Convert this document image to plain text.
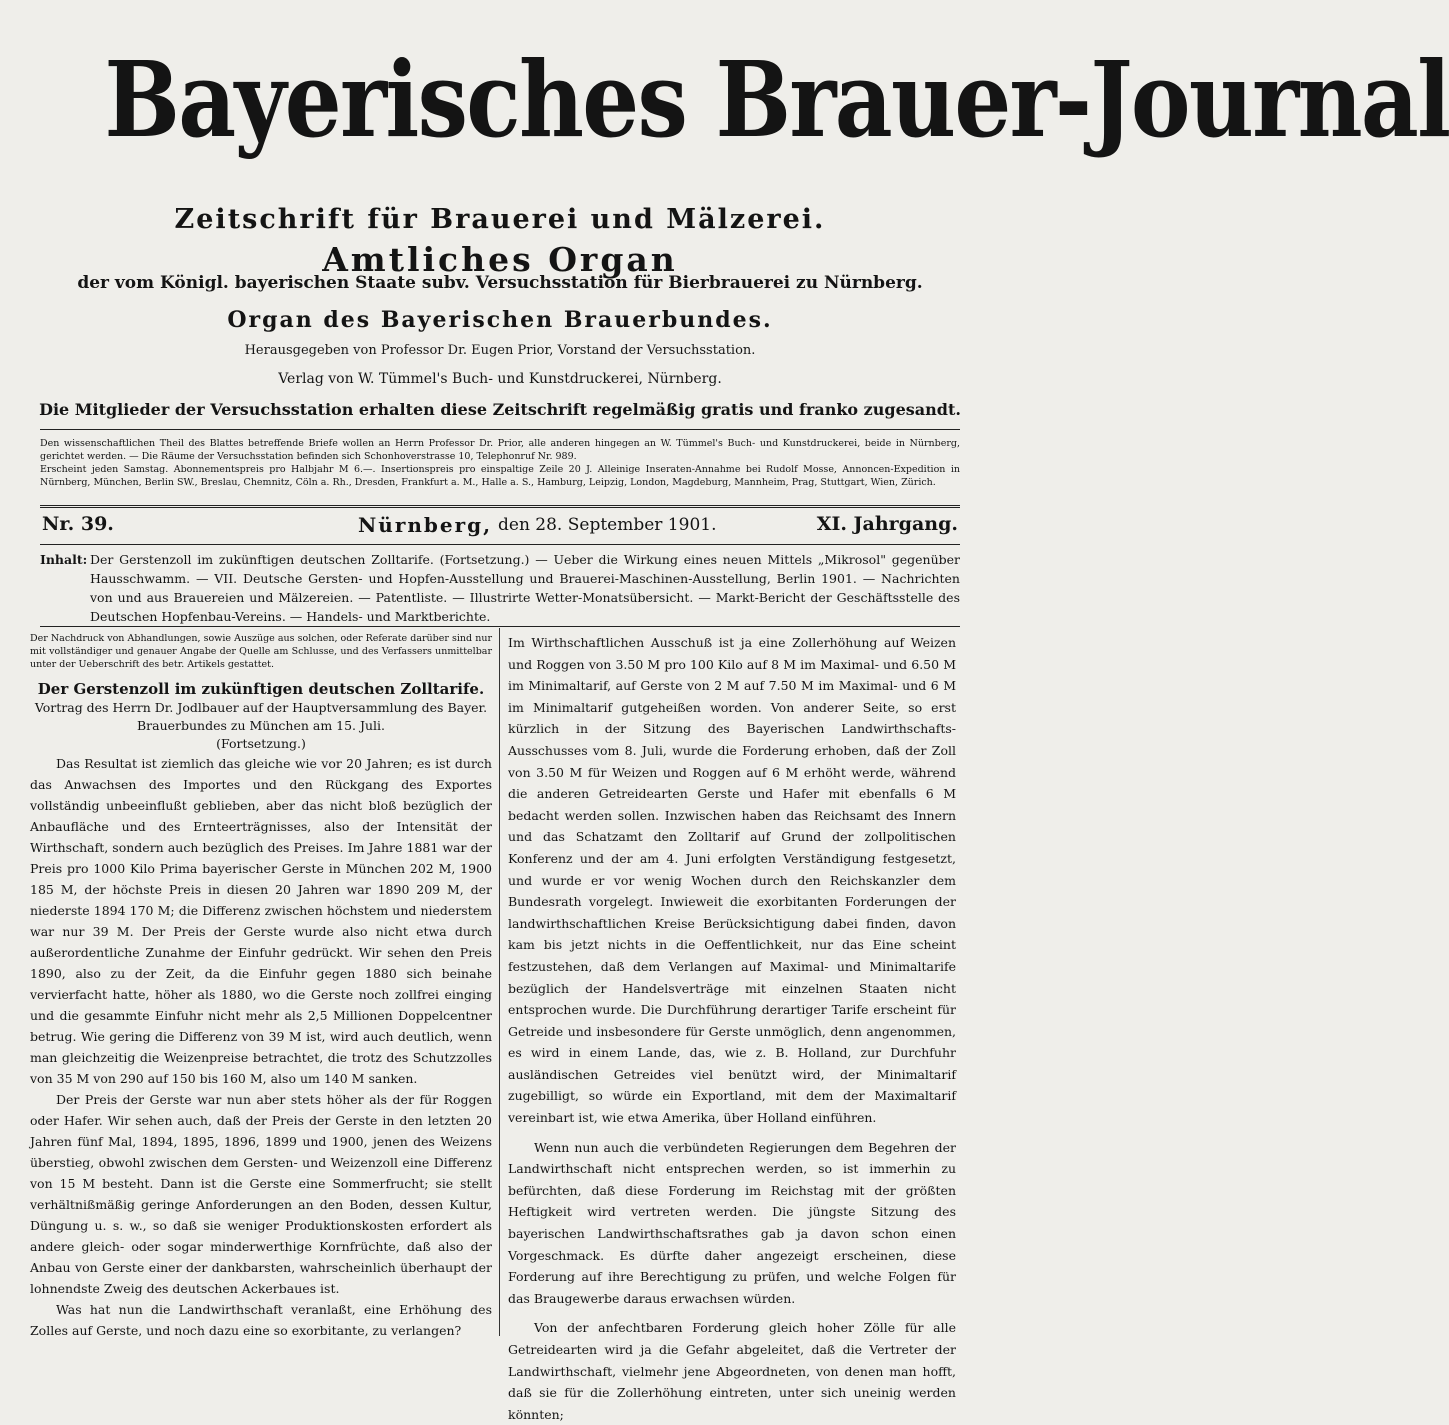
Bayerisches Brauer-Journal
Zeitschrift für Brauerei und Mälzerei.
Amtliches Organ
der vom Königl. bayerischen Staate subv. Versuchsstation für Bierbrauerei zu Nürnberg.
Organ des Bayerischen Brauerbundes.
Herausgegeben von Professor Dr. Eugen Prior, Vorstand der Versuchsstation.
Verlag von W. Tümmel's Buch- und Kunstdruckerei, Nürnberg.
Die Mitglieder der Versuchsstation erhalten diese Zeitschrift regelmäßig gratis und franko zugesandt.

Den wissenschaftlichen Theil des Blattes betreffende Briefe wollen an Herrn Professor Dr. Prior, alle anderen hingegen an W. Tümmel's Buch- und Kunstdruckerei, beide in Nürnberg, gerichtet werden. — Die Räume der Versuchsstation befinden sich Schonhoverstrasse 10, Telephonruf Nr. 989.

Erscheint jeden Samstag. Abonnementspreis pro Halbjahr M 6.—. Insertionspreis pro einspaltige Zeile 20 J. Alleinige Inseraten-Annahme bei Rudolf Mosse, Annoncen-Expedition in Nürnberg, München, Berlin SW., Breslau, Chemnitz, Cöln a. Rh., Dresden, Frankfurt a. M., Halle a. S., Hamburg, Leipzig, London, Magdeburg, Mannheim, Prag, Stuttgart, Wien, Zürich.

Nr. 39.	Nürnberg, den 28. September 1901.	XI. Jahrgang.
Inhalt: Der Gerstenzoll im zukünftigen deutschen Zolltarife. (Fortsetzung.) — Ueber die Wirkung eines neuen Mittels „Mikrosol" gegenüber Hausschwamm. — VII. Deutsche Gersten- und Hopfen-Ausstellung und Brauerei-Maschinen-Ausstellung, Berlin 1901. — Nachrichten von und aus Brauereien und Mälzereien. — Patentliste. — Illustrirte Wetter-Monatsübersicht. — Markt-Bericht der Geschäftsstelle des Deutschen Hopfenbau-Vereins. — Handels- und Marktberichte.

Der Nachdruck von Abhandlungen, sowie Auszüge aus solchen, oder Referate darüber sind nur mit vollständiger und genauer Angabe der Quelle am Schlusse, und des Verfassers unmittelbar unter der Ueberschrift des betr. Artikels gestattet.

Der Gerstenzoll im zukünftigen deutschen Zolltarife.

Vortrag des Herrn Dr. Jodlbauer auf der Hauptversammlung des Bayer. Brauerbundes zu München am 15. Juli.

(Fortsetzung.)

Das Resultat ist ziemlich das gleiche wie vor 20 Jahren; es ist durch das Anwachsen des Importes und den Rückgang des Exportes vollständig unbeeinflußt geblieben, aber das nicht bloß bezüglich der Anbaufläche und des Ernteerträgnisses, also der Intensität der Wirthschaft, sondern auch bezüglich des Preises. Im Jahre 1881 war der Preis pro 1000 Kilo Prima bayerischer Gerste in München 202 M, 1900 185 M, der höchste Preis in diesen 20 Jahren war 1890 209 M, der niederste 1894 170 M; die Differenz zwischen höchstem und niederstem war nur 39 M. Der Preis der Gerste wurde also nicht etwa durch außerordentliche Zunahme der Einfuhr gedrückt. Wir sehen den Preis 1890, also zu der Zeit, da die Einfuhr gegen 1880 sich beinahe vervierfacht hatte, höher als 1880, wo die Gerste noch zollfrei einging und die gesammte Einfuhr nicht mehr als 2,5 Millionen Doppelcentner betrug. Wie gering die Differenz von 39 M ist, wird auch deutlich, wenn man gleichzeitig die Weizenpreise betrachtet, die trotz des Schutzzolles von 35 M von 290 auf 150 bis 160 M, also um 140 M sanken.

Der Preis der Gerste war nun aber stets höher als der für Roggen oder Hafer. Wir sehen auch, daß der Preis der Gerste in den letzten 20 Jahren fünf Mal, 1894, 1895, 1896, 1899 und 1900, jenen des Weizens überstieg, obwohl zwischen dem Gersten- und Weizenzoll eine Differenz von 15 M besteht. Dann ist die Gerste eine Sommerfrucht; sie stellt verhältnißmäßig geringe Anforderungen an den Boden, dessen Kultur, Düngung u. s. w., so daß sie weniger Produktionskosten erfordert als andere gleich- oder sogar minderwerthige Kornfrüchte, daß also der Anbau von Gerste einer der dankbarsten, wahrscheinlich überhaupt der lohnendste Zweig des deutschen Ackerbaues ist.

Was hat nun die Landwirthschaft veranlaßt, eine Erhöhung des Zolles auf Gerste, und noch dazu eine so exorbitante, zu verlangen?

Im Wirthschaftlichen Ausschuß ist ja eine Zollerhöhung auf Weizen und Roggen von 3.50 M pro 100 Kilo auf 8 M im Maximal- und 6.50 M im Minimaltarif, auf Gerste von 2 M auf 7.50 M im Maximal- und 6 M im Minimaltarif gutgeheißen worden. Von anderer Seite, so erst kürzlich in der Sitzung des Bayerischen Landwirthschafts-Ausschusses vom 8. Juli, wurde die Forderung erhoben, daß der Zoll von 3.50 M für Weizen und Roggen auf 6 M erhöht werde, während die anderen Getreidearten Gerste und Hafer mit ebenfalls 6 M bedacht werden sollen. Inzwischen haben das Reichsamt des Innern und das Schatzamt den Zolltarif auf Grund der zollpolitischen Konferenz und der am 4. Juni erfolgten Verständigung festgesetzt, und wurde er vor wenig Wochen durch den Reichskanzler dem Bundesrath vorgelegt. Inwieweit die exorbitanten Forderungen der landwirthschaftlichen Kreise Berücksichtigung dabei finden, davon kam bis jetzt nichts in die Oeffentlichkeit, nur das Eine scheint festzustehen, daß dem Verlangen auf Maximal- und Minimaltarife bezüglich der Handelsverträge mit einzelnen Staaten nicht entsprochen wurde. Die Durchführung derartiger Tarife erscheint für Getreide und insbesondere für Gerste unmöglich, denn angenommen, es wird in einem Lande, das, wie z. B. Holland, zur Durchfuhr ausländischen Getreides viel benützt wird, der Minimaltarif zugebilligt, so würde ein Exportland, mit dem der Maximaltarif vereinbart ist, wie etwa Amerika, über Holland einführen.

Wenn nun auch die verbündeten Regierungen dem Begehren der Landwirthschaft nicht entsprechen werden, so ist immerhin zu befürchten, daß diese Forderung im Reichstag mit der größten Heftigkeit wird vertreten werden. Die jüngste Sitzung des bayerischen Landwirthschaftsrathes gab ja davon schon einen Vorgeschmack. Es dürfte daher angezeigt erscheinen, diese Forderung auf ihre Berechtigung zu prüfen, und welche Folgen für das Braugewerbe daraus erwachsen würden.

Von der anfechtbaren Forderung gleich hoher Zölle für alle Getreidearten wird ja die Gefahr abgeleitet, daß die Vertreter der Landwirthschaft, vielmehr jene Abgeordneten, von denen man hofft, daß sie für die Zollerhöhung eintreten, unter sich uneinig werden könnten;
